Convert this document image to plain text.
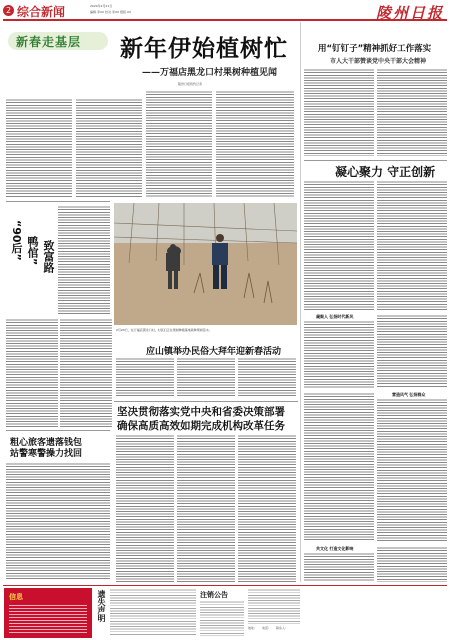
2 综合新闻	2024年2月21日
编辑·李XX 校对·李XX 组版·XX	陵州日报
新春走基层 新年伊始植树忙
——万福店黑龙口村果树种植见闻
陵州日报特约记者
“90后” 鸭倌” 致富路
2月20日，在万福店黑龙口村，村民们正在果树种植基地栽种果树苗木。
应山镇举办民俗大拜年迎新春活动
粗心旅客遗落钱包
站警寒警操力找回
坚决贯彻落实党中央和省委决策部署
确保高质高效如期完成机构改革任务
用“钉钉子”精神抓好工作落实
市人大干部赞谈党中央干部大会精神
凝心聚力 守正创新
凝聚人 弘扬时代新风
营造风气 弘扬群众
共文化 打造文化影响
信息	遗失声明	注销公告
地址： 电话： 联系人：
